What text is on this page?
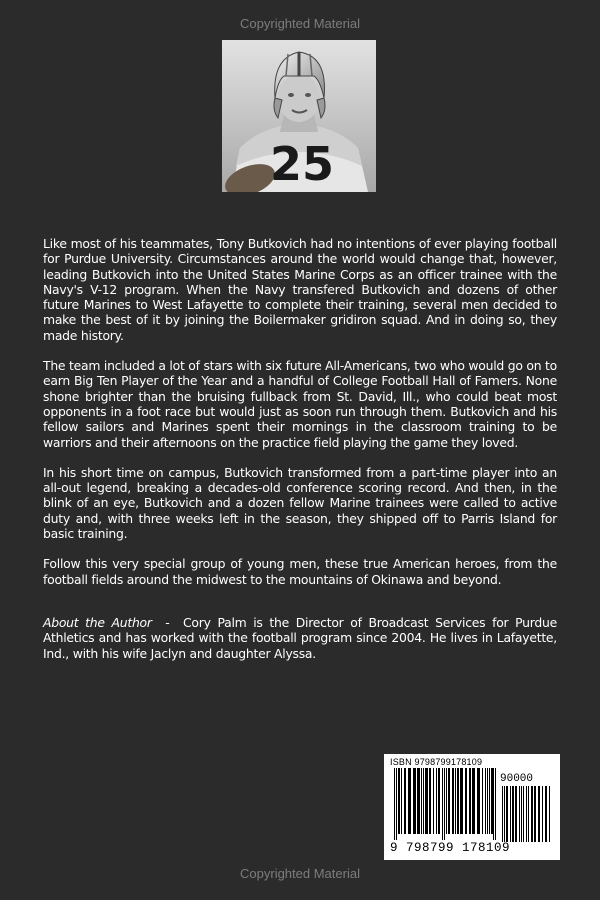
Copyrighted Material
25

Like most of his teammates, Tony Butkovich had no intentions of ever playing football for Purdue University. Circumstances around the world would change that, however, leading Butkovich into the United States Marine Corps as an officer trainee with the Navy's V-12 program. When the Navy transfered Butkovich and dozens of other future Marines to West Lafayette to complete their training, several men decided to make the best of it by joining the Boilermaker gridiron squad. And in doing so, they made history.

The team included a lot of stars with six future All-Americans, two who would go on to earn Big Ten Player of the Year and a handful of College Football Hall of Famers. None shone brighter than the bruising fullback from St. David, Ill., who could beat most opponents in a foot race but would just as soon run through them. Butkovich and his fellow sailors and Marines spent their mornings in the classroom training to be warriors and their afternoons on the practice field playing the game they loved.

In his short time on campus, Butkovich transformed from a part-time player into an all-out legend, breaking a decades-old conference scoring record. And then, in the blink of an eye, Butkovich and a dozen fellow Marine trainees were called to active duty and, with three weeks left in the season, they shipped off to Parris Island for basic training.

Follow this very special group of young men, these true American heroes, from the football fields around the midwest to the mountains of Okinawa and beyond.

About the Author  -  Cory Palm is the Director of Broadcast Services for Purdue Athletics and has worked with the football program since 2004. He lives in Lafayette, Ind., with his wife Jaclyn and daughter Alyssa.

ISBN 9798799178109
90000
9 798799 178109
Copyrighted Material
